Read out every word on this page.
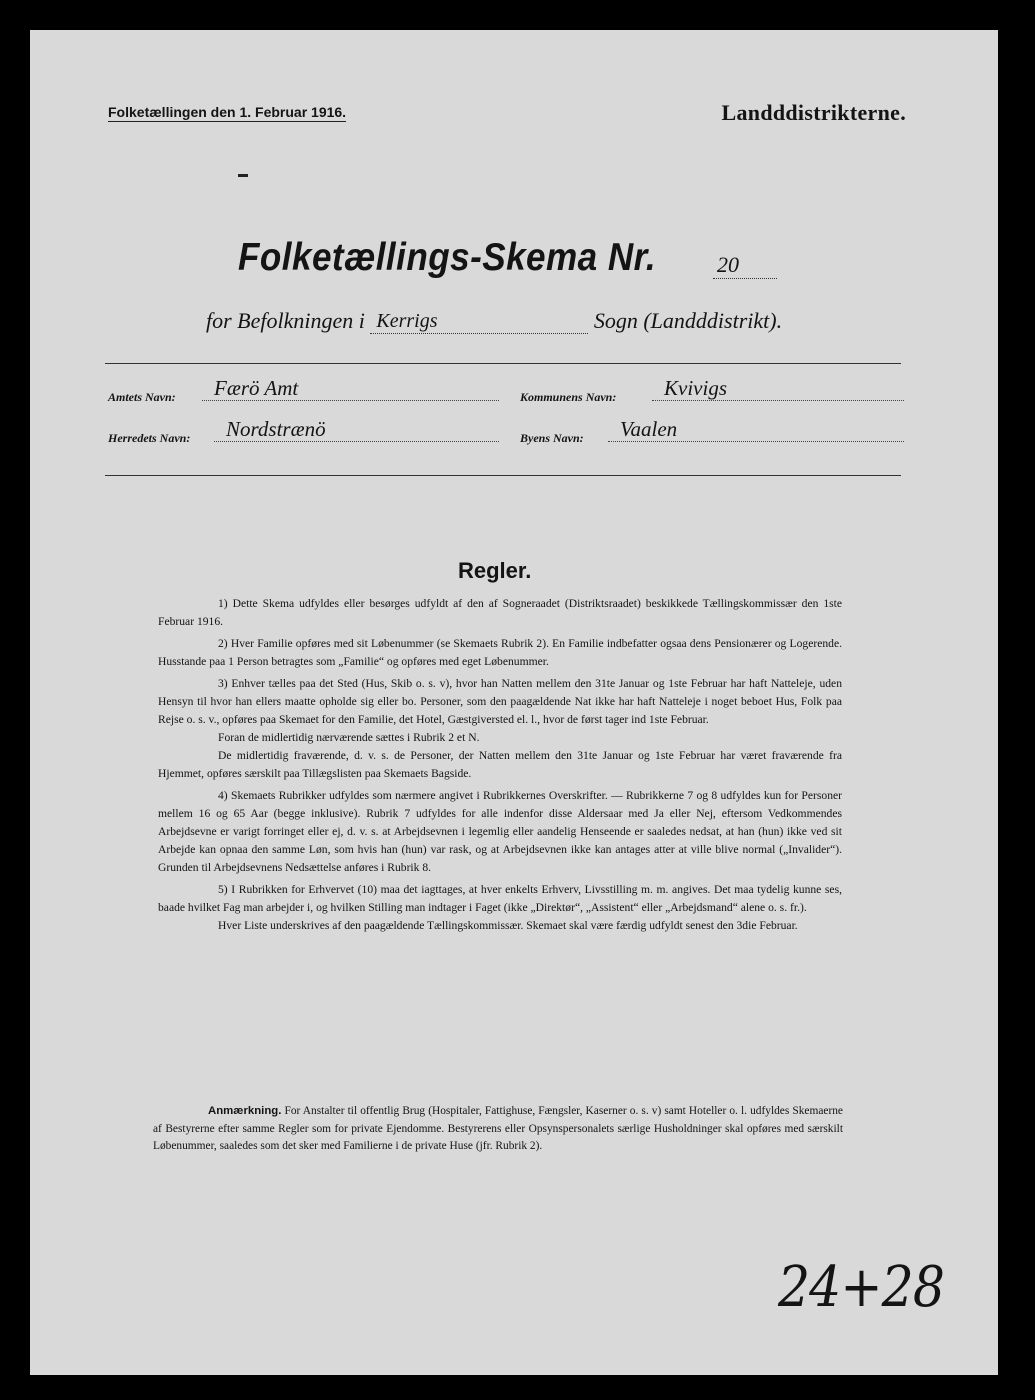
Folketællingen den 1. Februar 1916.	Landddistrikterne.
Folketællings-Skema Nr.	20
for Befolkningen i Kerrigs	Sogn (Landddistrikt).
Amtets Navn:	Færö Amt	Kommunens Navn:	Kvivigs
Herredets Navn:	Nordstrænö	Byens Navn:	Vaalen
Regler.

1) Dette Skema udfyldes eller besørges udfyldt af den af Sogneraadet (Distriktsraadet) beskikkede Tællingskommissær den 1ste Februar 1916.

2) Hver Familie opføres med sit Løbenummer (se Skemaets Rubrik 2). En Familie indbefatter ogsaa dens Pensionærer og Logerende. Husstande paa 1 Person betragtes som „Familie“ og opføres med eget Løbenummer.

3) Enhver tælles paa det Sted (Hus, Skib o. s. v), hvor han Natten mellem den 31te Januar og 1ste Februar har haft Natteleje, uden Hensyn til hvor han ellers maatte opholde sig eller bo. Personer, som den paagældende Nat ikke har haft Natteleje i noget beboet Hus, Folk paa Rejse o. s. v., opføres paa Skemaet for den Familie, det Hotel, Gæstgiversted el. l., hvor de først tager ind 1ste Februar.

Foran de midlertidig nærværende sættes i Rubrik 2 et N.

De midlertidig fraværende, d. v. s. de Personer, der Natten mellem den 31te Januar og 1ste Februar har været fraværende fra Hjemmet, opføres særskilt paa Tillægslisten paa Skemaets Bagside.

4) Skemaets Rubrikker udfyldes som nærmere angivet i Rubrikkernes Overskrifter. — Rubrikkerne 7 og 8 udfyldes kun for Personer mellem 16 og 65 Aar (begge inklusive). Rubrik 7 udfyldes for alle indenfor disse Aldersaar med Ja eller Nej, eftersom Vedkommendes Arbejdsevne er varigt forringet eller ej, d. v. s. at Arbejdsevnen i legemlig eller aandelig Henseende er saaledes nedsat, at han (hun) ikke ved sit Arbejde kan opnaa den samme Løn, som hvis han (hun) var rask, og at Arbejdsevnen ikke kan antages atter at ville blive normal („Invalider“). Grunden til Arbejdsevnens Nedsættelse anføres i Rubrik 8.

5) I Rubrikken for Erhvervet (10) maa det iagttages, at hver enkelts Erhverv, Livsstilling m. m. angives. Det maa tydelig kunne ses, baade hvilket Fag man arbejder i, og hvilken Stilling man indtager i Faget (ikke „Direktør“, „Assistent“ eller „Arbejdsmand“ alene o. s. fr.).

Hver Liste underskrives af den paagældende Tællingskommissær. Skemaet skal være færdig udfyldt senest den 3die Februar.

Anmærkning. For Anstalter til offentlig Brug (Hospitaler, Fattighuse, Fængsler, Kaserner o. s. v) samt Hoteller o. l. udfyldes Skemaerne af Bestyrerne efter samme Regler som for private Ejendomme. Bestyrerens eller Opsynspersonalets særlige Husholdninger skal opføres med særskilt Løbenummer, saaledes som det sker med Familierne i de private Huse (jfr. Rubrik 2).
24+28
